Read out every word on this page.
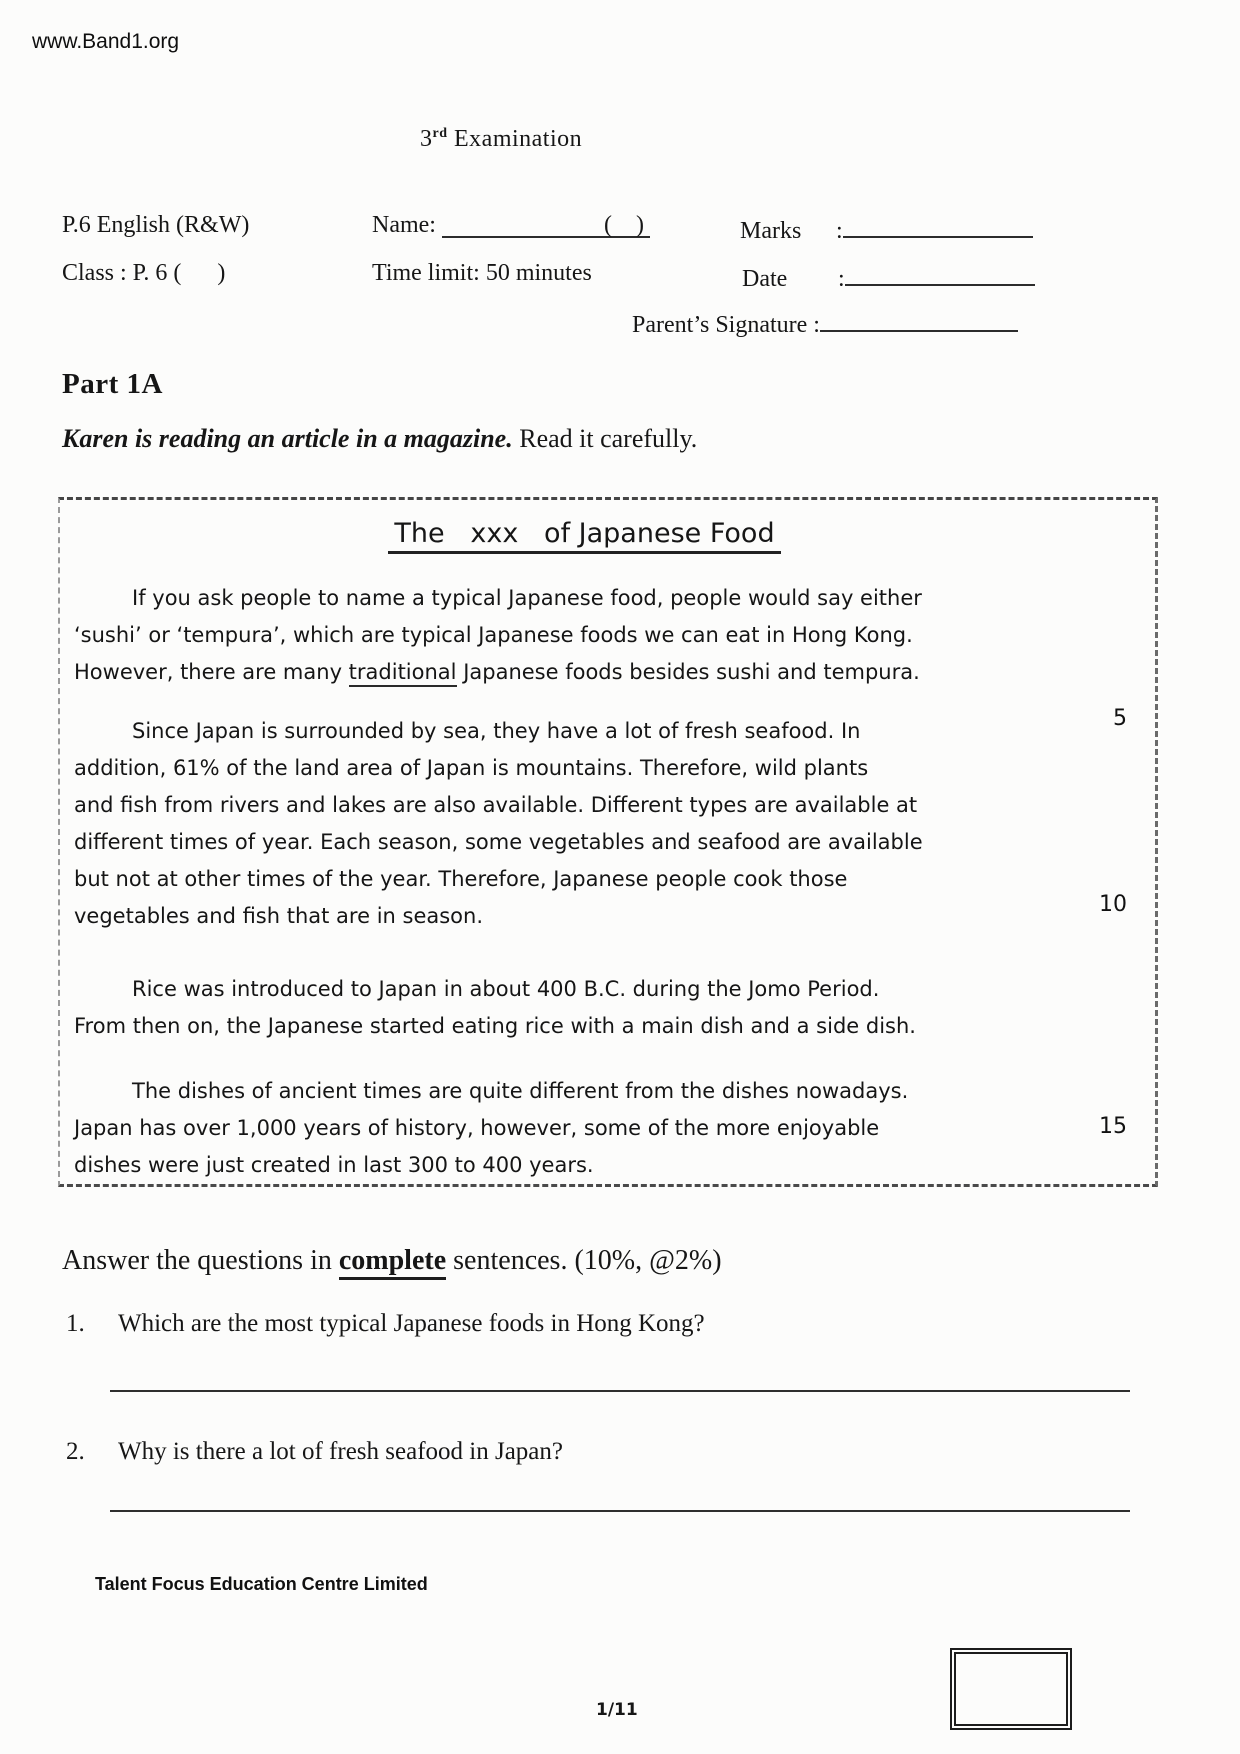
www.Band1.org
3rd Examination
P.6 English (R&W)	Name:	(    )	Marks	:
Class : P. 6 (      )	Time limit: 50 minutes	Date	:
Parent’s Signature :
Part 1A
Karen is reading an article in a magazine. Read it carefully.
The   xxx   of Japanese Food
If you ask people to name a typical Japanese food, people would say either
‘sushi’ or ‘tempura’, which are typical Japanese foods we can eat in Hong Kong.
However, there are many traditional Japanese foods besides sushi and tempura.
Since Japan is surrounded by sea, they have a lot of fresh seafood. In
addition, 61% of the land area of Japan is mountains. Therefore, wild plants
and fish from rivers and lakes are also available. Different types are available at
different times of year. Each season, some vegetables and seafood are available
but not at other times of the year. Therefore, Japanese people cook those
vegetables and fish that are in season.
Rice was introduced to Japan in about 400 B.C. during the Jomo Period.
From then on, the Japanese started eating rice with a main dish and a side dish.
The dishes of ancient times are quite different from the dishes nowadays.
Japan has over 1,000 years of history, however, some of the more enjoyable
dishes were just created in last 300 to 400 years.
5
10
15
Answer the questions in complete sentences. (10%, @2%)
1.	Which are the most typical Japanese foods in Hong Kong?
2.	Why is there a lot of fresh seafood in Japan?
Talent Focus Education Centre Limited
1/11
